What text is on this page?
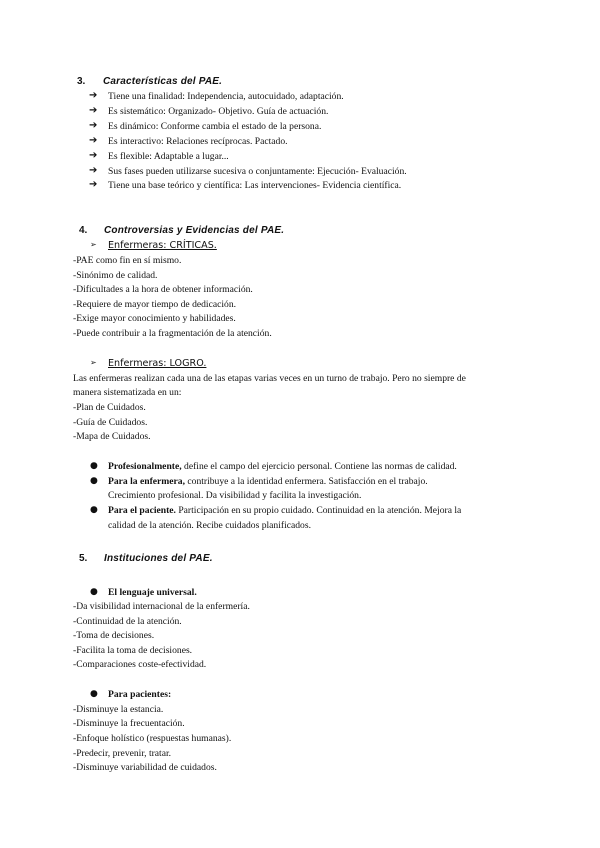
3. Características del PAE.
➔ Tiene una finalidad: Independencia, autocuidado, adaptación.
➔ Es sistemático: Organizado- Objetivo. Guía de actuación.
➔ Es dinámico: Conforme cambia el estado de la persona.
➔ Es interactivo: Relaciones recíprocas. Pactado.
➔ Es flexible: Adaptable a lugar...
➔ Sus fases pueden utilizarse sucesiva o conjuntamente: Ejecución- Evaluación.
➔ Tiene una base teórico y científica: Las intervenciones- Evidencia científica.
4. Controversias y Evidencias del PAE.
➢ Enfermeras: CRÍTICAS.
-PAE como fin en sí mismo.
-Sinónimo de calidad.
-Dificultades a la hora de obtener información.
-Requiere de mayor tiempo de dedicación.
-Exige mayor conocimiento y habilidades.
-Puede contribuir a la fragmentación de la atención.
➢ Enfermeras: LOGRO.
Las enfermeras realizan cada una de las etapas varias veces en un turno de trabajo. Pero no siempre de
manera sistematizada en un:
-Plan de Cuidados.
-Guía de Cuidados.
-Mapa de Cuidados.
● Profesionalmente, define el campo del ejercicio personal. Contiene las normas de calidad.
● Para la enfermera, contribuye a la identidad enfermera. Satisfacción en el trabajo.
Crecimiento profesional. Da visibilidad y facilita la investigación.
● Para el paciente. Participación en su propio cuidado. Continuidad en la atención. Mejora la
calidad de la atención. Recibe cuidados planificados.
5. Instituciones del PAE.
● El lenguaje universal.
-Da visibilidad internacional de la enfermería.
-Continuidad de la atención.
-Toma de decisiones.
-Facilita la toma de decisiones.
-Comparaciones coste-efectividad.
● Para pacientes:
-Disminuye la estancia.
-Disminuye la frecuentación.
-Enfoque holístico (respuestas humanas).
-Predecir, prevenir, tratar.
-Disminuye variabilidad de cuidados.
